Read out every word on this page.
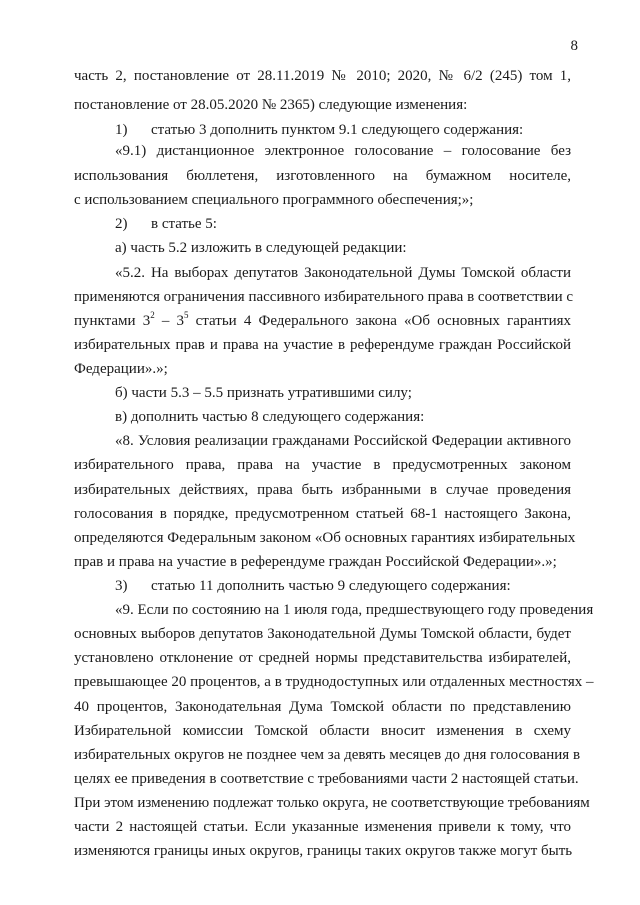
8
часть 2, постановление от 28.11.2019 № 2010; 2020, № 6/2 (245) том 1,
постановление от 28.05.2020 № 2365) следующие изменения:
1) статью 3 дополнить пунктом 9.1 следующего содержания:
«9.1) дистанционное электронное голосование – голосование без
использования бюллетеня, изготовленного на бумажном носителе,
с использованием специального программного обеспечения;»;
2) в статье 5:
а) часть 5.2 изложить в следующей редакции:
«5.2. На выборах депутатов Законодательной Думы Томской области
применяются ограничения пассивного избирательного права в соответствии с
пунктами $3^2 - 3^5$ статьи 4 Федерального закона «Об основных гарантиях
избирательных прав и права на участие в референдуме граждан Российской
Федерации».»;
б) части 5.3 – 5.5 признать утратившими силу;
в) дополнить частью 8 следующего содержания:
«8. Условия реализации гражданами Российской Федерации активного
избирательного права, права на участие в предусмотренных законом
избирательных действиях, права быть избранными в случае проведения
голосования в порядке, предусмотренном статьей 68-1 настоящего Закона,
определяются Федеральным законом «Об основных гарантиях избирательных
прав и права на участие в референдуме граждан Российской Федерации».»;
3) статью 11 дополнить частью 9 следующего содержания:
«9. Если по состоянию на 1 июля года, предшествующего году проведения
основных выборов депутатов Законодательной Думы Томской области, будет
установлено отклонение от средней нормы представительства избирателей,
превышающее 20 процентов, а в труднодоступных или отдаленных местностях –
40 процентов, Законодательная Дума Томской области по представлению
Избирательной комиссии Томской области вносит изменения в схему
избирательных округов не позднее чем за девять месяцев до дня голосования в
целях ее приведения в соответствие с требованиями части 2 настоящей статьи.
При этом изменению подлежат только округа, не соответствующие требованиям
части 2 настоящей статьи. Если указанные изменения привели к тому, что
изменяются границы иных округов, границы таких округов также могут быть
